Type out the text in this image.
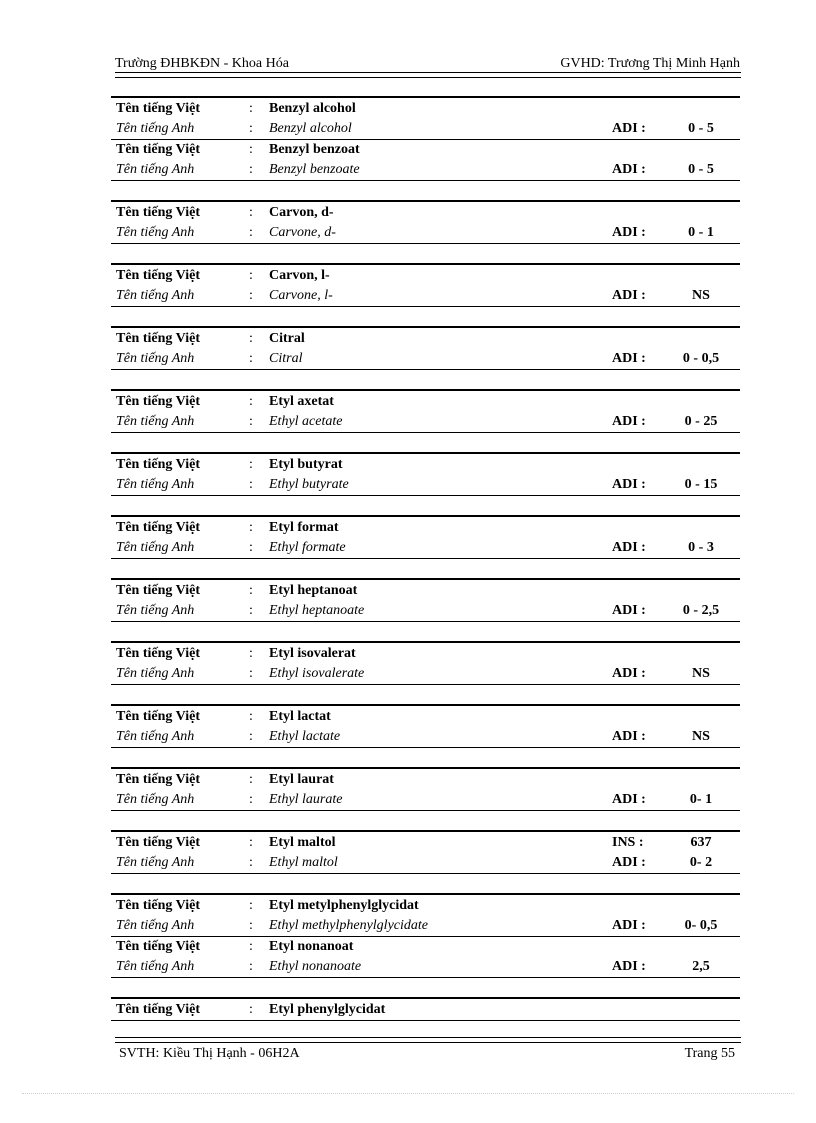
Trường ĐHBKĐN - Khoa Hóa	GVHD: Trương Thị Minh Hạnh
Tên tiếng Việt	: Benzyl alcohol
Tên tiếng Anh	: Benzyl alcohol	ADI :	0 - 5
Tên tiếng Việt	: Benzyl benzoat
Tên tiếng Anh	: Benzyl benzoate	ADI :	0 - 5
Tên tiếng Việt	: Carvon, d-
Tên tiếng Anh	: Carvone, d-	ADI :	0 - 1
Tên tiếng Việt	: Carvon, l-
Tên tiếng Anh	: Carvone, l-	ADI :	NS
Tên tiếng Việt	: Citral
Tên tiếng Anh	: Citral	ADI :	0 - 0,5
Tên tiếng Việt	: Etyl axetat
Tên tiếng Anh	: Ethyl acetate	ADI :	0 - 25
Tên tiếng Việt	: Etyl butyrat
Tên tiếng Anh	: Ethyl butyrate	ADI :	0 - 15
Tên tiếng Việt	: Etyl format
Tên tiếng Anh	: Ethyl formate	ADI :	0 - 3
Tên tiếng Việt	: Etyl heptanoat
Tên tiếng Anh	: Ethyl heptanoate	ADI :	0 - 2,5
Tên tiếng Việt	: Etyl isovalerat
Tên tiếng Anh	: Ethyl isovalerate	ADI :	NS
Tên tiếng Việt	: Etyl lactat
Tên tiếng Anh	: Ethyl lactate	ADI :	NS
Tên tiếng Việt	: Etyl laurat
Tên tiếng Anh	: Ethyl laurate	ADI :	0- 1
Tên tiếng Việt	: Etyl maltol	INS :	637
Tên tiếng Anh	: Ethyl maltol	ADI :	0- 2
Tên tiếng Việt	: Etyl metylphenylglycidat
Tên tiếng Anh	: Ethyl methylphenylglycidate	ADI :	0- 0,5
Tên tiếng Việt	: Etyl nonanoat
Tên tiếng Anh	: Ethyl nonanoate	ADI :	2,5
Tên tiếng Việt	: Etyl phenylglycidat
SVTH: Kiều Thị Hạnh - 06H2A	Trang 55
